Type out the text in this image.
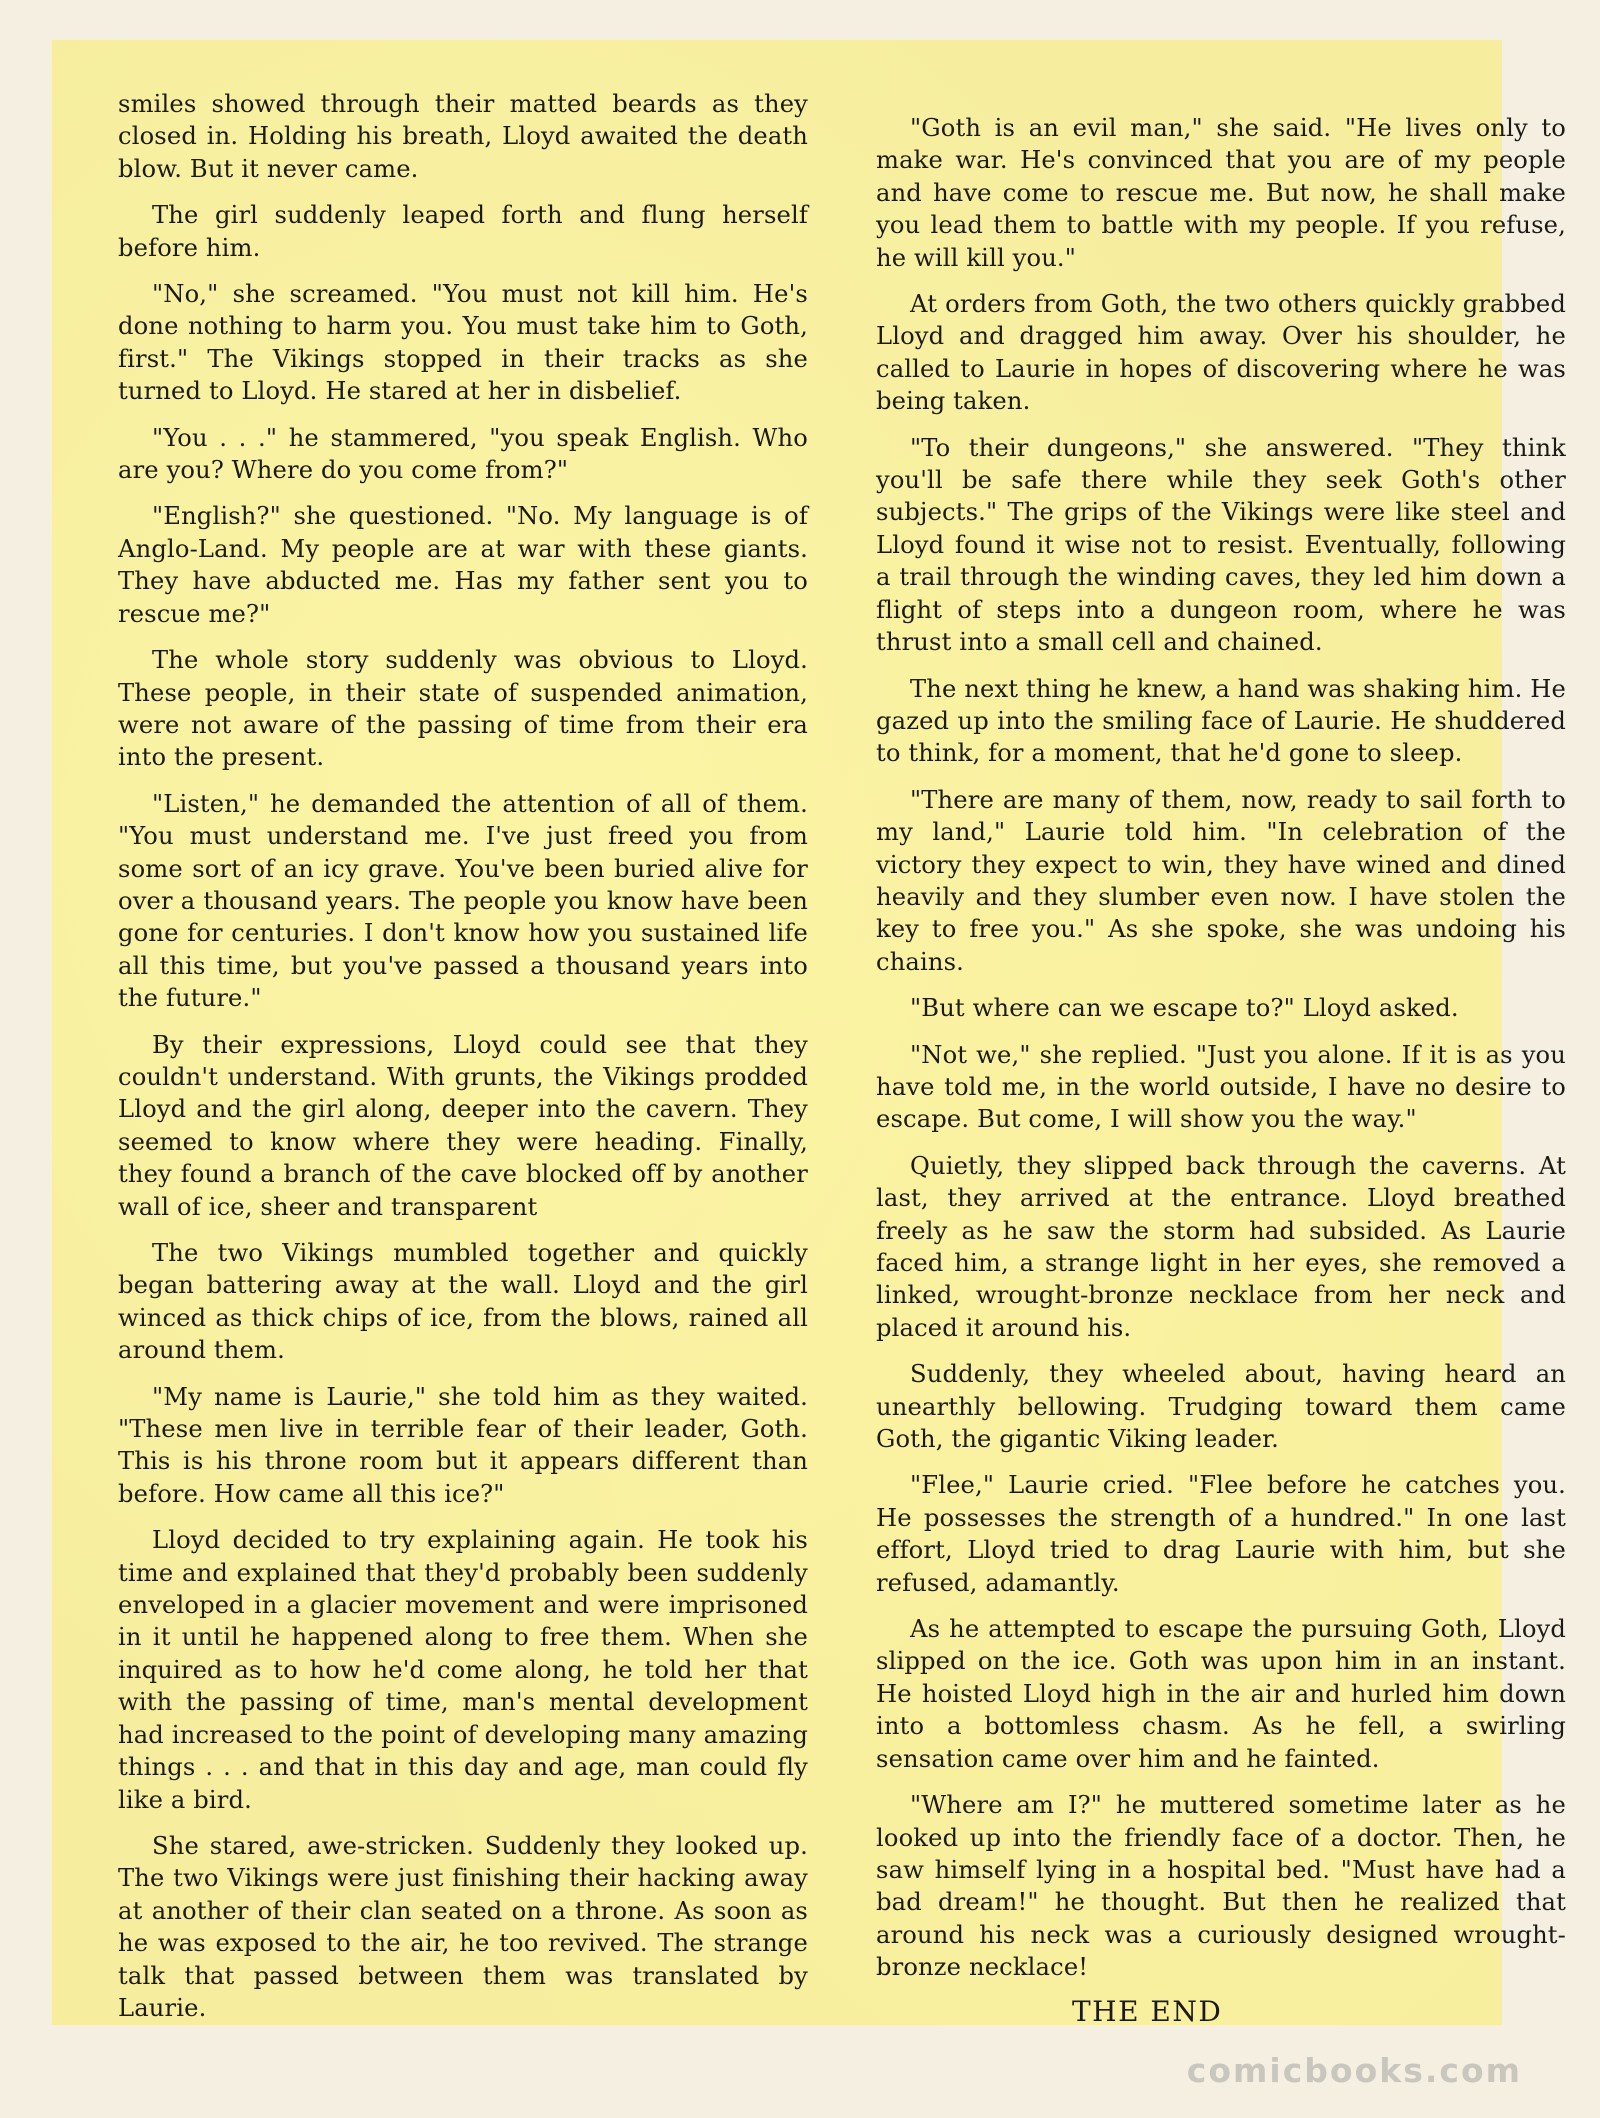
smiles showed through their matted beards as they closed in. Holding his breath, Lloyd awaited the death blow. But it never came.

The girl suddenly leaped forth and flung herself before him.

"No," she screamed. "You must not kill him. He's done nothing to harm you. You must take him to Goth, first." The Vikings stopped in their tracks as she turned to Lloyd. He stared at her in disbelief.

"You . . ." he stammered, "you speak English. Who are you? Where do you come from?"

"English?" she questioned. "No. My language is of Anglo-Land. My people are at war with these giants. They have abducted me. Has my father sent you to rescue me?"

The whole story suddenly was obvious to Lloyd. These people, in their state of suspended animation, were not aware of the passing of time from their era into the present.

"Listen," he demanded the attention of all of them. "You must understand me. I've just freed you from some sort of an icy grave. You've been buried alive for over a thousand years. The people you know have been gone for centuries. I don't know how you sustained life all this time, but you've passed a thousand years into the future."

By their expressions, Lloyd could see that they couldn't understand. With grunts, the Vikings prodded Lloyd and the girl along, deeper into the cavern. They seemed to know where they were heading. Finally, they found a branch of the cave blocked off by another wall of ice, sheer and transparent

The two Vikings mumbled together and quickly began battering away at the wall. Lloyd and the girl winced as thick chips of ice, from the blows, rained all around them.

"My name is Laurie," she told him as they waited. "These men live in terrible fear of their leader, Goth. This is his throne room but it appears different than before. How came all this ice?"

Lloyd decided to try explaining again. He took his time and explained that they'd probably been suddenly enveloped in a glacier movement and were imprisoned in it until he happened along to free them. When she inquired as to how he'd come along, he told her that with the passing of time, man's mental development had increased to the point of developing many amazing things . . . and that in this day and age, man could fly like a bird.

She stared, awe-stricken. Suddenly they looked up. The two Vikings were just finishing their hacking away at another of their clan seated on a throne. As soon as he was exposed to the air, he too revived. The strange talk that passed between them was translated by Laurie.

"Goth is an evil man," she said. "He lives only to make war. He's convinced that you are of my people and have come to rescue me. But now, he shall make you lead them to battle with my people. If you refuse, he will kill you."

At orders from Goth, the two others quickly grabbed Lloyd and dragged him away. Over his shoulder, he called to Laurie in hopes of discovering where he was being taken.

"To their dungeons," she answered. "They think you'll be safe there while they seek Goth's other subjects." The grips of the Vikings were like steel and Lloyd found it wise not to resist. Eventually, following a trail through the winding caves, they led him down a flight of steps into a dungeon room, where he was thrust into a small cell and chained.

The next thing he knew, a hand was shaking him. He gazed up into the smiling face of Laurie. He shuddered to think, for a moment, that he'd gone to sleep.

"There are many of them, now, ready to sail forth to my land," Laurie told him. "In celebration of the victory they expect to win, they have wined and dined heavily and they slumber even now. I have stolen the key to free you." As she spoke, she was undoing his chains.

"But where can we escape to?" Lloyd asked.

"Not we," she replied. "Just you alone. If it is as you have told me, in the world outside, I have no desire to escape. But come, I will show you the way."

Quietly, they slipped back through the caverns. At last, they arrived at the entrance. Lloyd breathed freely as he saw the storm had subsided. As Laurie faced him, a strange light in her eyes, she removed a linked, wrought-bronze necklace from her neck and placed it around his.

Suddenly, they wheeled about, having heard an unearthly bellowing. Trudging toward them came Goth, the gigantic Viking leader.

"Flee," Laurie cried. "Flee before he catches you. He possesses the strength of a hundred." In one last effort, Lloyd tried to drag Laurie with him, but she refused, adamantly.

As he attempted to escape the pursuing Goth, Lloyd slipped on the ice. Goth was upon him in an instant. He hoisted Lloyd high in the air and hurled him down into a bottomless chasm. As he fell, a swirling sensation came over him and he fainted.

"Where am I?" he muttered sometime later as he looked up into the friendly face of a doctor. Then, he saw himself lying in a hospital bed. "Must have had a bad dream!" he thought. But then he realized that around his neck was a curiously designed wrought-bronze necklace!

THE END
comicbooks.com
